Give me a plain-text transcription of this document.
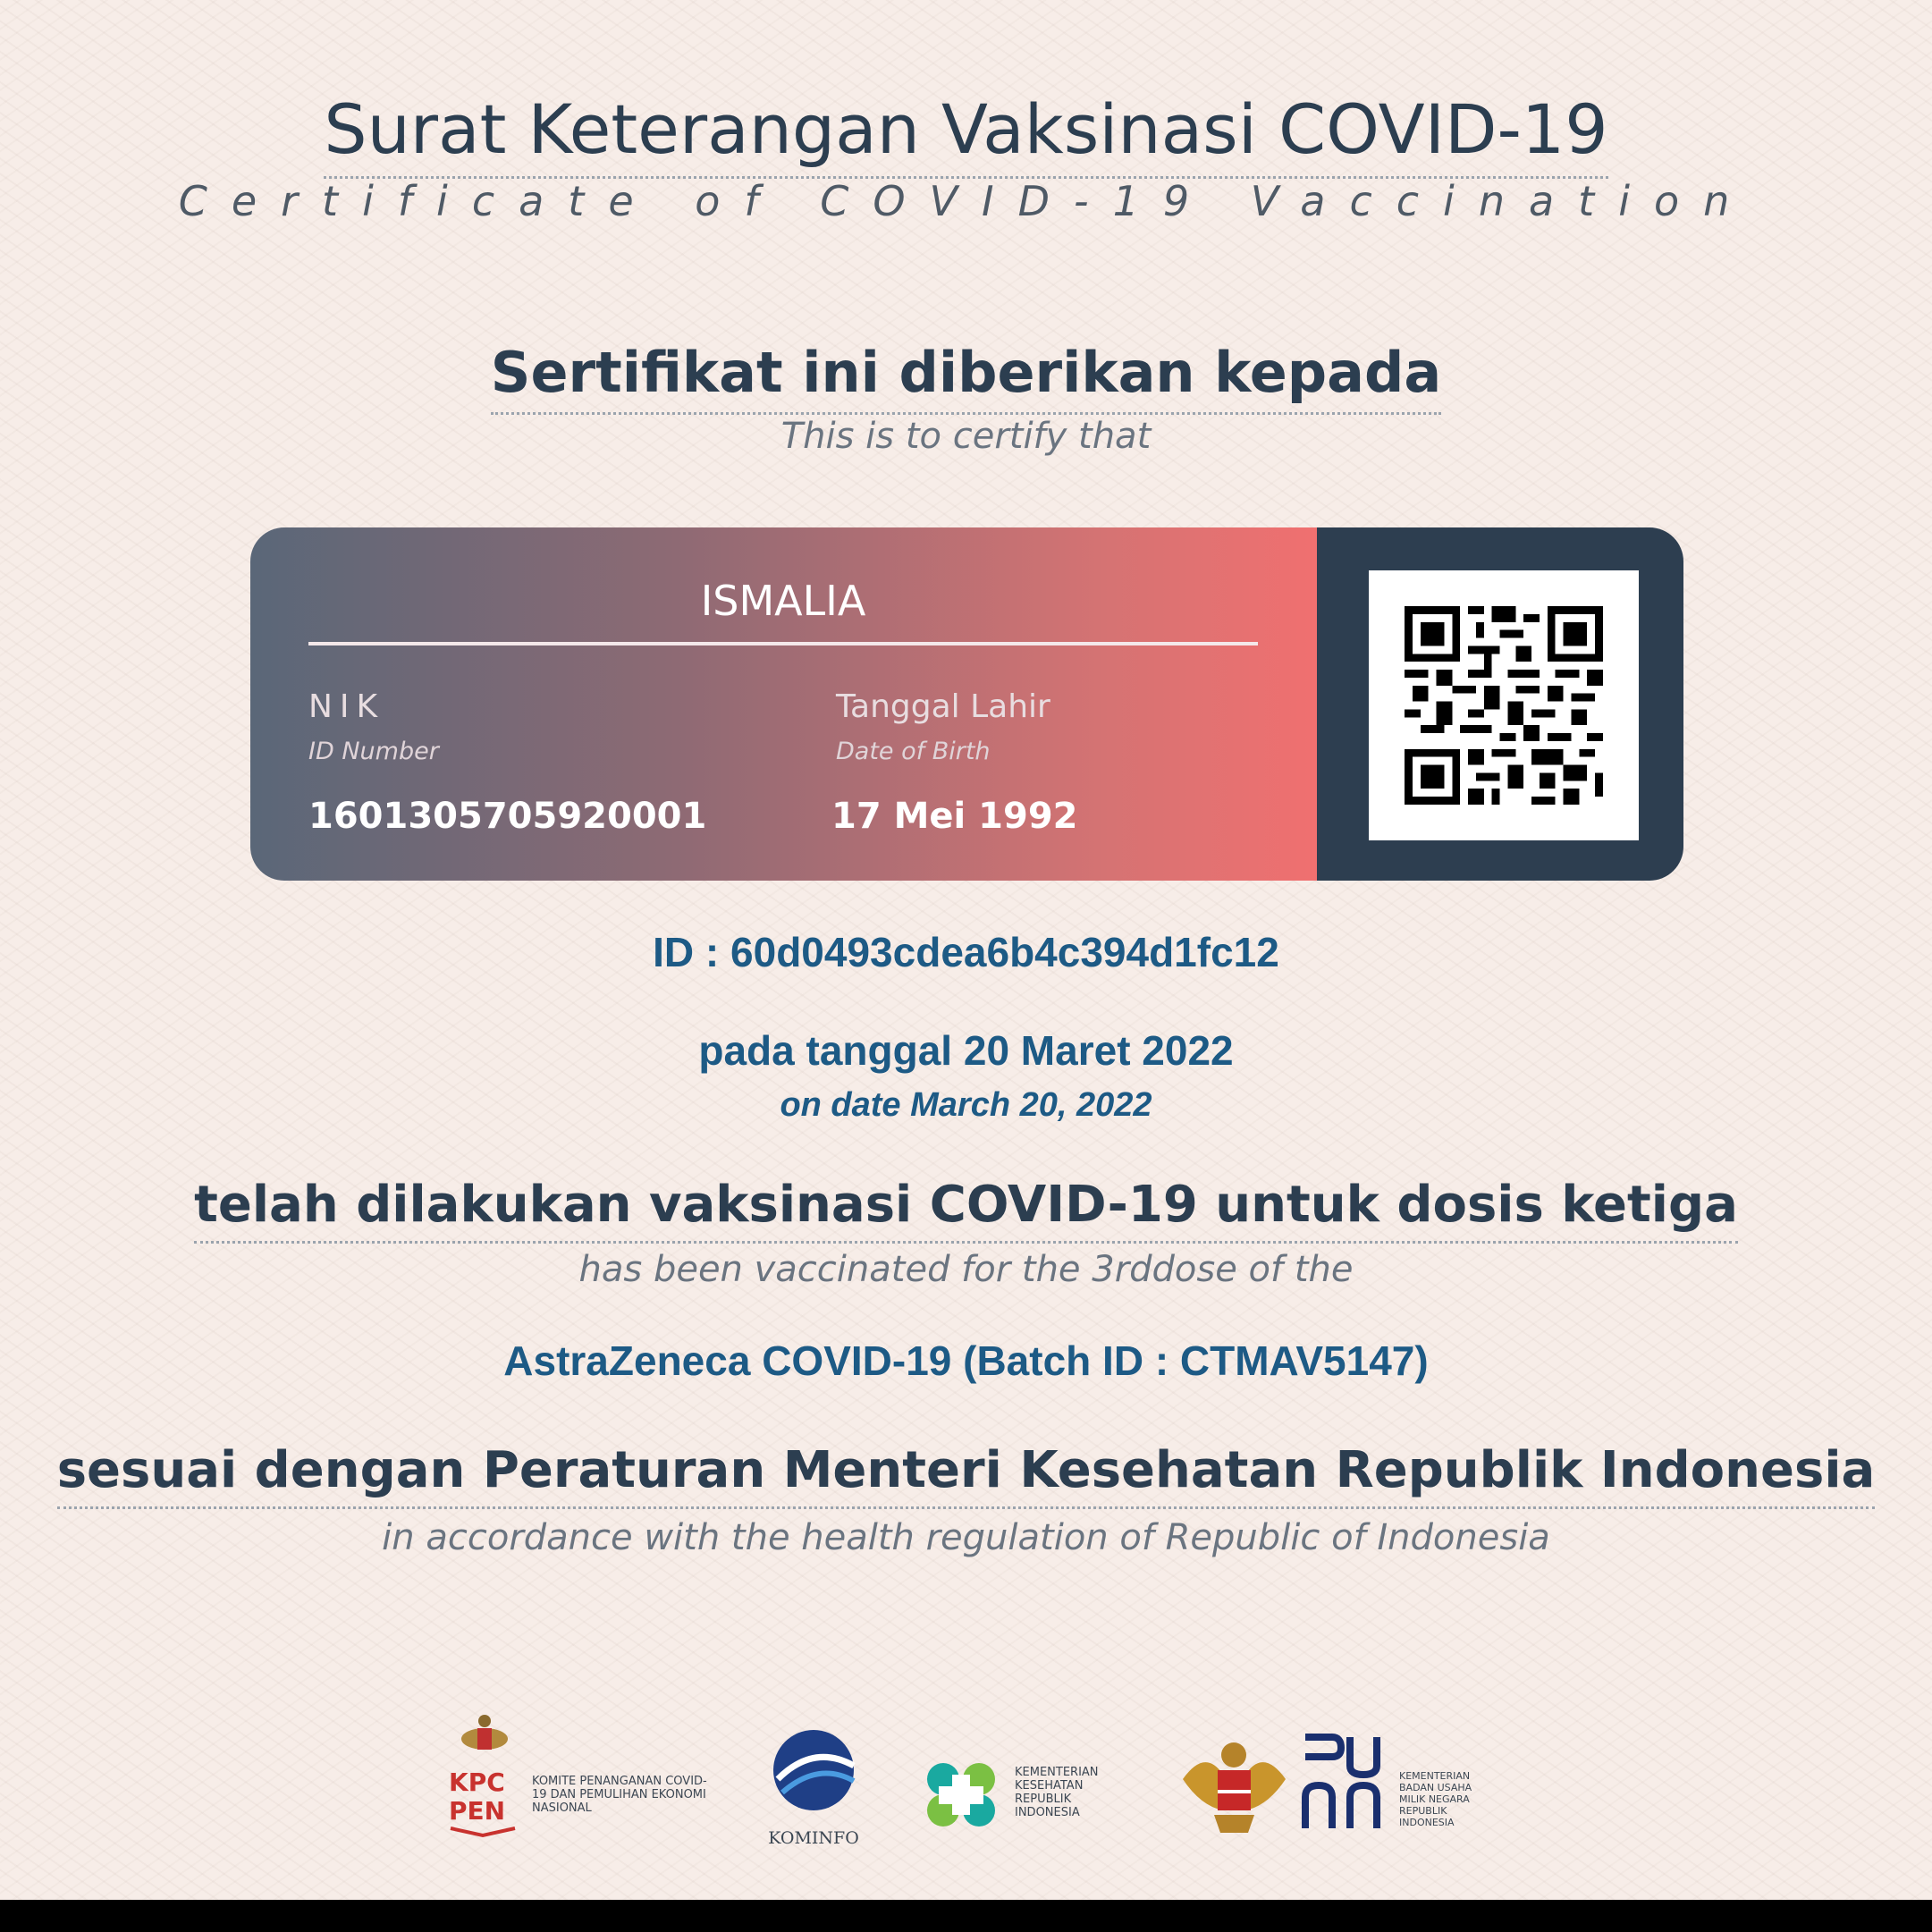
Surat Keterangan Vaksinasi COVID-19
Certificate of COVID-19 Vaccination
Sertifikat ini diberikan kepada
This is to certify that
ISMALIA
NIK
ID Number
1601305705920001
Tanggal Lahir
Date of Birth
17 Mei 1992
ID : 60d0493cdea6b4c394d1fc12
pada tanggal 20 Maret 2022
on date March 20, 2022
telah dilakukan vaksinasi COVID-19 untuk dosis ketiga
has been vaccinated for the 3rddose of the
AstraZeneca COVID-19 (Batch ID : CTMAV5147)
sesuai dengan Peraturan Menteri Kesehatan Republik Indonesia
in accordance with the health regulation of Republic of Indonesia
KPC
PEN
KOMITE PENANGANAN COVID-19 DAN PEMULIHAN EKONOMI NASIONAL
KOMINFO
KEMENTERIAN KESEHATAN REPUBLIK INDONESIA
KEMENTERIAN BADAN USAHA MILIK NEGARA REPUBLIK INDONESIA
